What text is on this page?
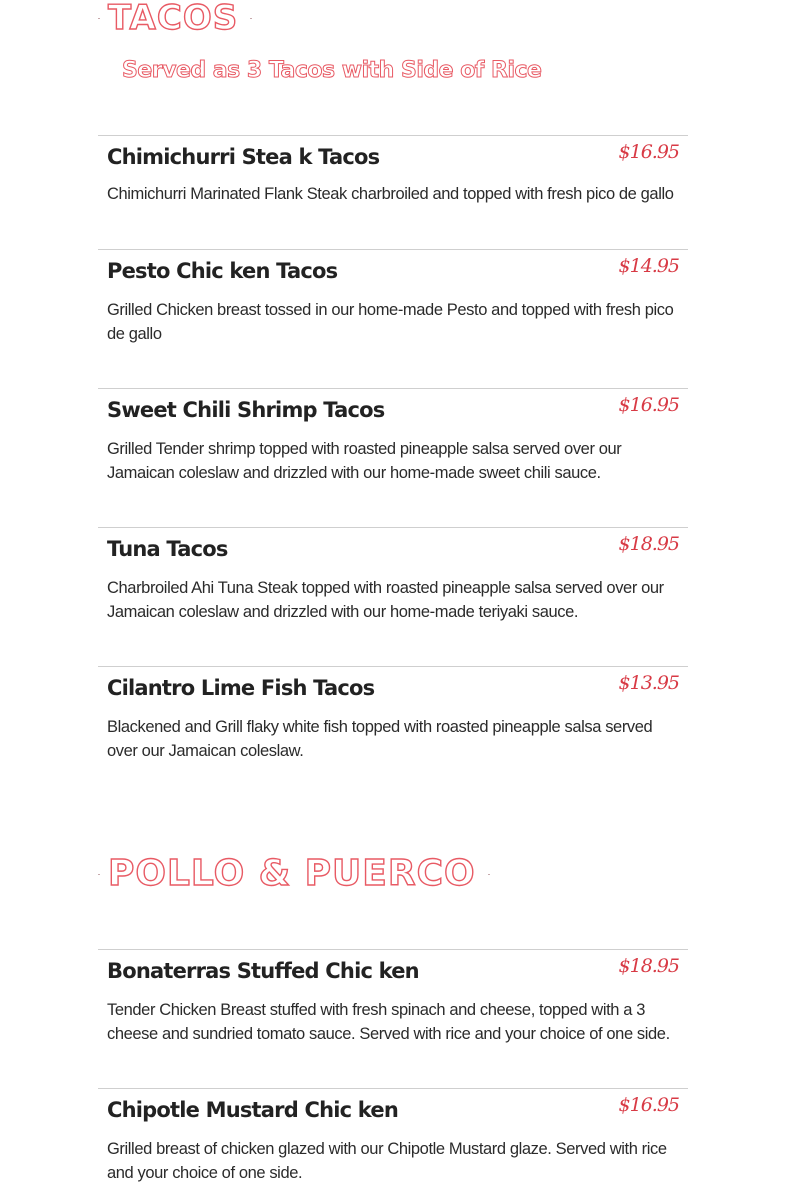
TACOS
Served as 3 Tacos with Side of Rice
Chimichurri Stea k Tacos	$16.95
Chimichurri Marinated Flank Steak charbroiled and topped with fresh pico de gallo
Pesto Chic ken Tacos	$14.95
Grilled Chicken breast tossed in our home-made Pesto and topped with fresh pico de gallo
Sweet Chili Shrimp Tacos	$16.95
Grilled Tender shrimp topped with roasted pineapple salsa served over our Jamaican coleslaw and drizzled with our home-made sweet chili sauce.
Tuna Tacos	$18.95
Charbroiled Ahi Tuna Steak topped with roasted pineapple salsa served over our Jamaican coleslaw and drizzled with our home-made teriyaki sauce.
Cilantro Lime Fish Tacos	$13.95
Blackened and Grill flaky white fish topped with roasted pineapple salsa served over our Jamaican coleslaw.
POLLO & PUERCO
Bonaterras Stuffed Chic ken	$18.95
Tender Chicken Breast stuffed with fresh spinach and cheese, topped with a 3 cheese and sundried tomato sauce. Served with rice and your choice of one side.
Chipotle Mustard Chic ken	$16.95
Grilled breast of chicken glazed with our Chipotle Mustard glaze. Served with rice and your choice of one side.
